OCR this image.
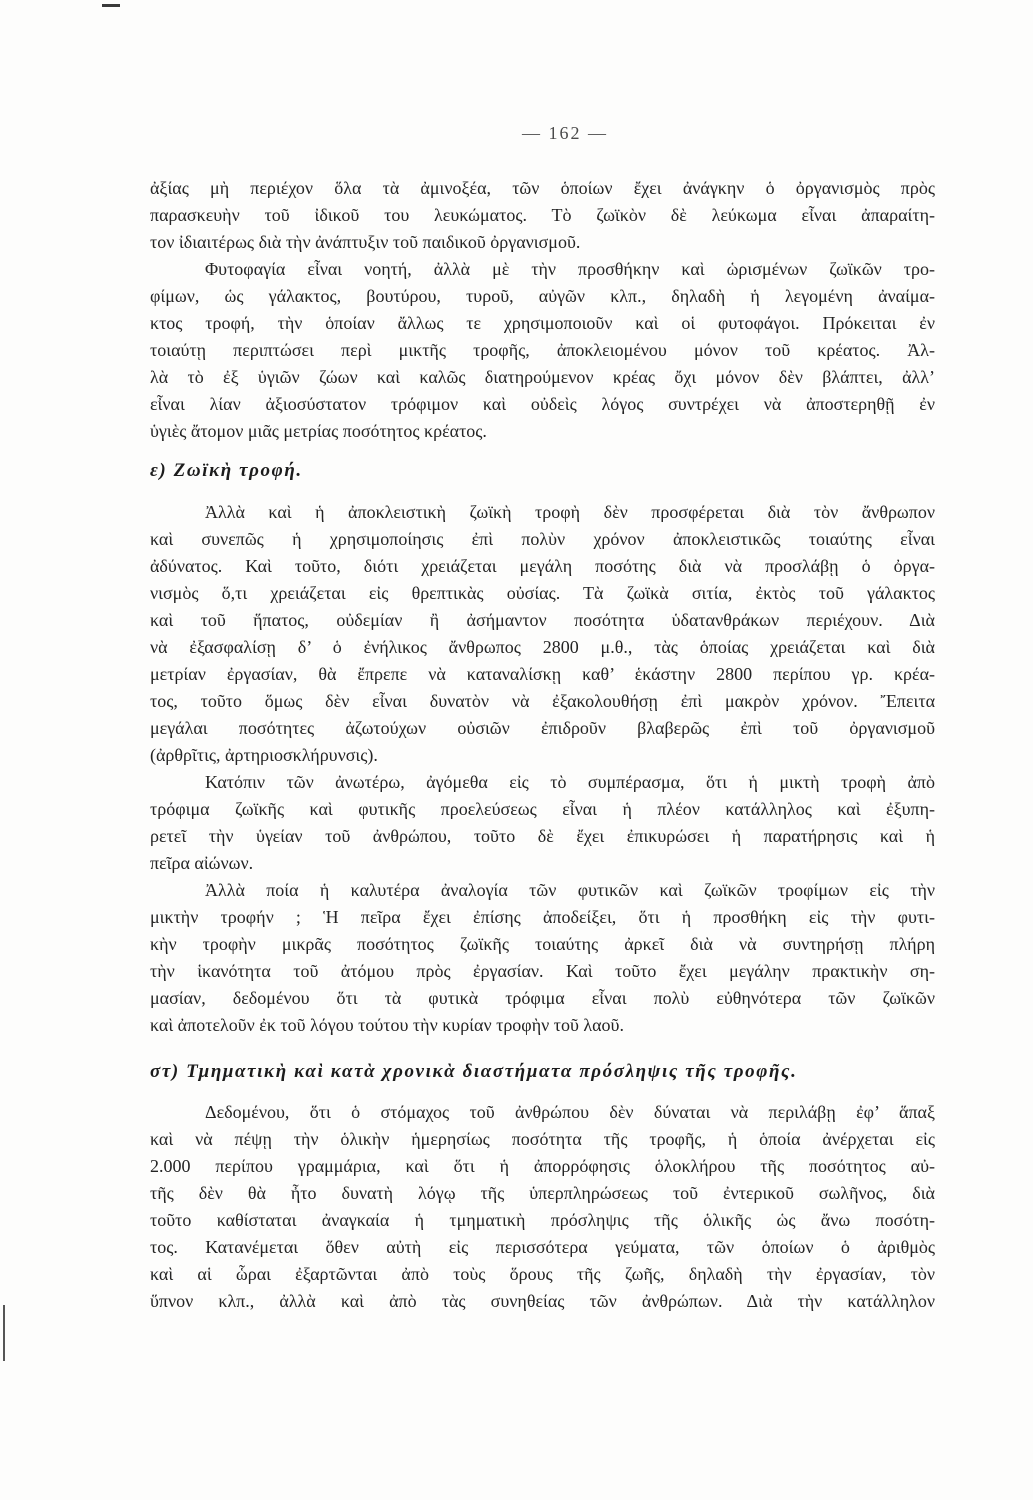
— 162 —
ἀξίας μὴ περιέχον ὅλα τὰ ἀμινοξέα, τῶν ὁποίων ἔχει ἀνάγκην ὁ ὀργανισμὸς πρὸς
παρασκευὴν τοῦ ἰδικοῦ του λευκώματος. Τὸ ζωϊκὸν δὲ λεύκωμα εἶναι ἀπαραίτη-
τον ἰδιαιτέρως διὰ τὴν ἀνάπτυξιν τοῦ παιδικοῦ ὀργανισμοῦ.
Φυτοφαγία εἶναι νοητή, ἀλλὰ μὲ τὴν προσθήκην καὶ ὡρισμένων ζωϊκῶν τρο-
φίμων, ὡς γάλακτος, βουτύρου, τυροῦ, αὐγῶν κλπ., δηλαδὴ ἡ λεγομένη ἀναίμα-
κτος τροφή, τὴν ὁποίαν ἄλλως τε χρησιμοποιοῦν καὶ οἱ φυτοφάγοι. Πρόκειται ἐν
τοιαύτῃ περιπτώσει περὶ μικτῆς τροφῆς, ἀποκλειομένου μόνον τοῦ κρέατος. Ἀλ-
λὰ τὸ ἐξ ὑγιῶν ζώων καὶ καλῶς διατηρούμενον κρέας ὄχι μόνον δὲν βλάπτει, ἀλλ’
εἶναι λίαν ἀξιοσύστατον τρόφιμον καὶ οὐδεὶς λόγος συντρέχει νὰ ἀποστερηθῇ ἐν
ὑγιὲς ἄτομον μιᾶς μετρίας ποσότητος κρέατος.
ε) Ζωϊκὴ τροφή.
Ἀλλὰ καὶ ἡ ἀποκλειστικὴ ζωϊκὴ τροφὴ δὲν προσφέρεται διὰ τὸν ἄνθρωπον
καὶ συνεπῶς ἡ χρησιμοποίησις ἐπὶ πολὺν χρόνον ἀποκλειστικῶς τοιαύτης εἶναι
ἀδύνατος. Καὶ τοῦτο, διότι χρειάζεται μεγάλη ποσότης διὰ νὰ προσλάβῃ ὁ ὀργα-
νισμὸς ὅ,τι χρειάζεται εἰς θρεπτικὰς οὐσίας. Τὰ ζωϊκὰ σιτία, ἐκτὸς τοῦ γάλακτος
καὶ τοῦ ἥπατος, οὐδεμίαν ἢ ἀσήμαντον ποσότητα ὑδατανθράκων περιέχουν. Διὰ
νὰ ἐξασφαλίσῃ δ’ ὁ ἐνήλικος ἄνθρωπος 2800 μ.θ., τὰς ὁποίας χρειάζεται καὶ διὰ
μετρίαν ἐργασίαν, θὰ ἔπρεπε νὰ καταναλίσκῃ καθ’ ἑκάστην 2800 περίπου γρ. κρέα-
τος, τοῦτο ὅμως δὲν εἶναι δυνατὸν νὰ ἐξακολουθήσῃ ἐπὶ μακρὸν χρόνον. Ἔπειτα
μεγάλαι ποσότητες ἀζωτούχων οὐσιῶν ἐπιδροῦν βλαβερῶς ἐπὶ τοῦ ὀργανισμοῦ
(ἀρθρῖτις, ἀρτηριοσκλήρυνσις).
Κατόπιν τῶν ἀνωτέρω, ἀγόμεθα εἰς τὸ συμπέρασμα, ὅτι ἡ μικτὴ τροφὴ ἀπὸ
τρόφιμα ζωϊκῆς καὶ φυτικῆς προελεύσεως εἶναι ἡ πλέον κατάλληλος καὶ ἐξυπη-
ρετεῖ τὴν ὑγείαν τοῦ ἀνθρώπου, τοῦτο δὲ ἔχει ἐπικυρώσει ἡ παρατήρησις καὶ ἡ
πεῖρα αἰώνων.
Ἀλλὰ ποία ἡ καλυτέρα ἀναλογία τῶν φυτικῶν καὶ ζωϊκῶν τροφίμων εἰς τὴν
μικτὴν τροφήν ; Ἡ πεῖρα ἔχει ἐπίσης ἀποδείξει, ὅτι ἡ προσθήκη εἰς τὴν φυτι-
κὴν τροφὴν μικρᾶς ποσότητος ζωϊκῆς τοιαύτης ἀρκεῖ διὰ νὰ συντηρήσῃ πλήρη
τὴν ἱκανότητα τοῦ ἀτόμου πρὸς ἐργασίαν. Καὶ τοῦτο ἔχει μεγάλην πρακτικὴν ση-
μασίαν, δεδομένου ὅτι τὰ φυτικὰ τρόφιμα εἶναι πολὺ εὐθηνότερα τῶν ζωϊκῶν
καὶ ἀποτελοῦν ἐκ τοῦ λόγου τούτου τὴν κυρίαν τροφὴν τοῦ λαοῦ.
στ) Τμηματικὴ καὶ κατὰ χρονικὰ διαστήματα πρόσληψις τῆς τροφῆς.
Δεδομένου, ὅτι ὁ στόμαχος τοῦ ἀνθρώπου δὲν δύναται νὰ περιλάβῃ ἐφ’ ἅπαξ
καὶ νὰ πέψῃ τὴν ὁλικὴν ἡμερησίως ποσότητα τῆς τροφῆς, ἡ ὁποία ἀνέρχεται εἰς
2.000 περίπου γραμμάρια, καὶ ὅτι ἡ ἀπορρόφησις ὁλοκλήρου τῆς ποσότητος αὐ-
τῆς δὲν θὰ ἦτο δυνατὴ λόγῳ τῆς ὑπερπληρώσεως τοῦ ἐντερικοῦ σωλῆνος, διὰ
τοῦτο καθίσταται ἀναγκαία ἡ τμηματικὴ πρόσληψις τῆς ὁλικῆς ὡς ἄνω ποσότη-
τος. Κατανέμεται ὅθεν αὐτὴ εἰς περισσότερα γεύματα, τῶν ὁποίων ὁ ἀριθμὸς
καὶ αἱ ὧραι ἐξαρτῶνται ἀπὸ τοὺς ὅρους τῆς ζωῆς, δηλαδὴ τὴν ἐργασίαν, τὸν
ὕπνον κλπ., ἀλλὰ καὶ ἀπὸ τὰς συνηθείας τῶν ἀνθρώπων. Διὰ τὴν κατάλληλον
